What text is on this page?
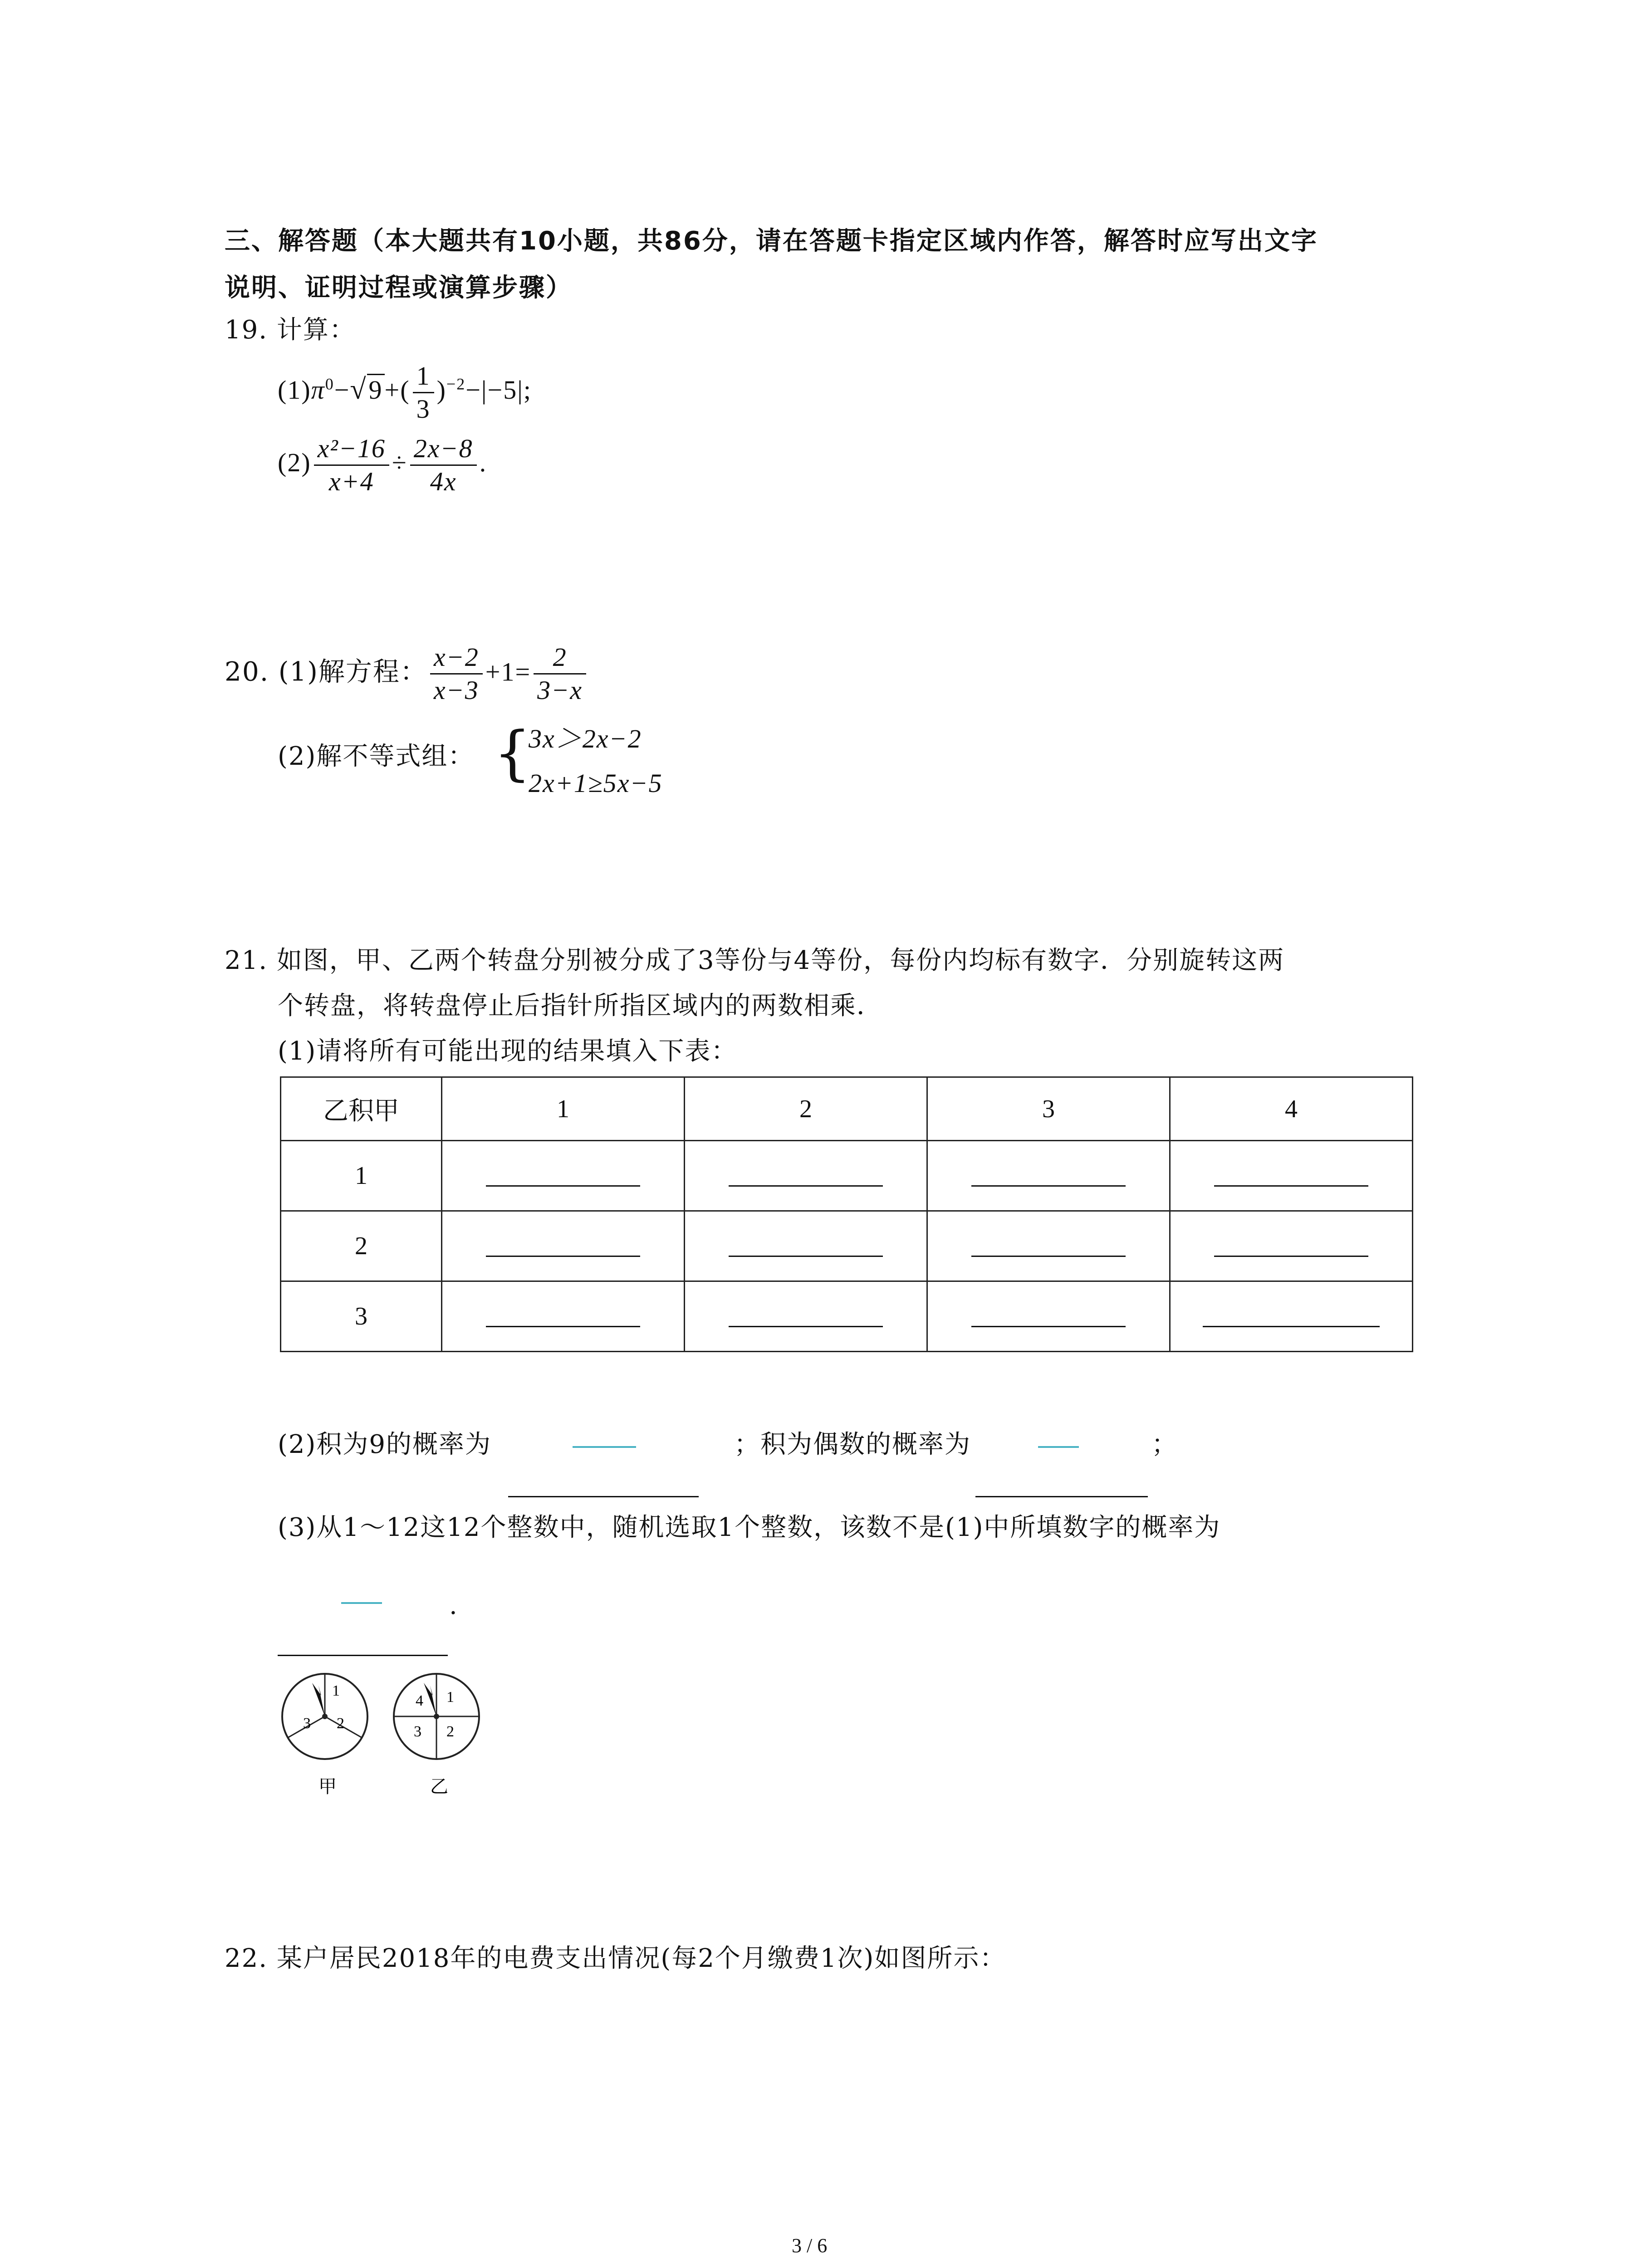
三、解答题（本大题共有10小题，共86分，请在答题卡指定区域内作答，解答时应写出文字
说明、证明过程或演算步骤）
19. 计算：
$(1)\pi^0-√9+( \frac{1}{3} )^{-2}-|-5|$;
$(2) \frac{\text{x²−16}}{x+4} \div \frac{2x-8}{4x}$ .
20. (1)解方程： $\frac{x-2}{x-3} +1= \frac{2}{3-x}$
(2)解不等式组： {
3x＞2x−2
2x+1≥5x−5
21. 如图，甲、乙两个转盘分别被分成了3等份与4等份，每份内均标有数字．分别旋转这两
个转盘，将转盘停止后指针所指区域内的两数相乘．
(1)请将所有可能出现的结果填入下表：
乙积甲	1	2	3	4
1				
2				
3				
(2)积为9的概率为	；积为偶数的概率为	；
(3)从1～12这12个整数中，随机选取1个整数，该数不是(1)中所填数字的概率为
.
1
2
3
1
2
3
4
甲	乙
22. 某户居民2018年的电费支出情况(每2个月缴费1次)如图所示：
3 / 6
